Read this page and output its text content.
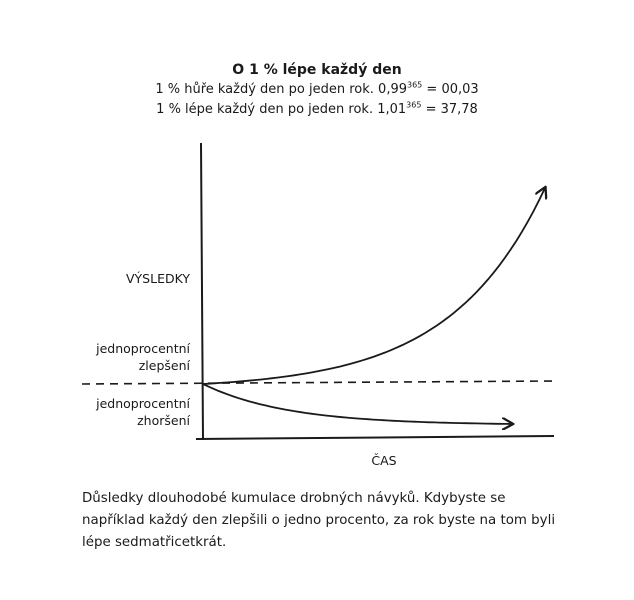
O 1 % lépe každý den
1 % hůře každý den po jeden rok. $0,99^{365} = 00,03$
1 % lépe každý den po jeden rok. $1,01^{365} = 37,78$
VÝSLEDKY
jednoprocentní
zlepšení
jednoprocentní
zhoršení
ČAS
Důsledky dlouhodobé kumulace drobných návyků. Kdybyste se například každý den zlepšili o jedno procento, za rok byste na tom byli lépe sedmatřicetkrát.
